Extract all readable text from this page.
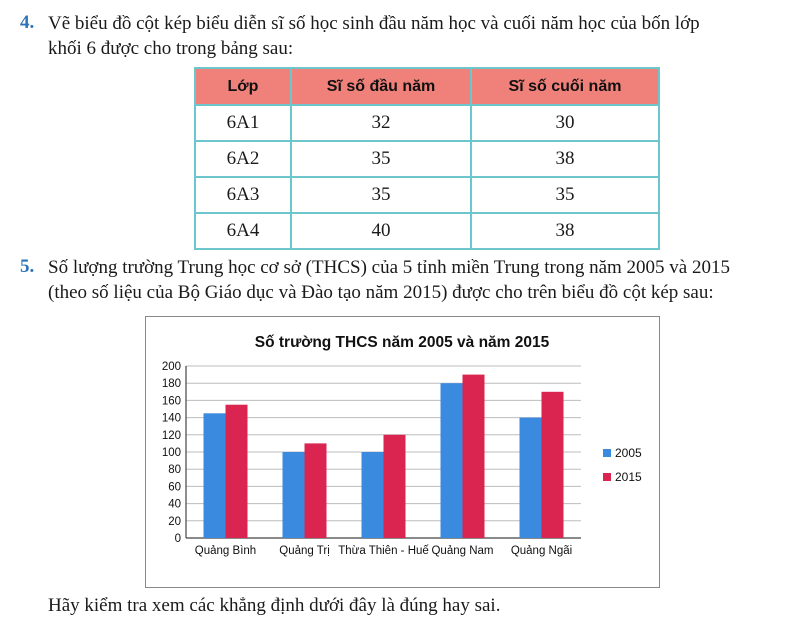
4. Vẽ biểu đồ cột kép biểu diễn sĩ số học sinh đầu năm học và cuối năm học của bốn lớp
khối 6 được cho trong bảng sau:
Lớp	Sĩ số đầu năm	Sĩ số cuối năm
6A1	32	30
6A2	35	38
6A3	35	35
6A4	40	38
5. Số lượng trường Trung học cơ sở (THCS) của 5 tỉnh miền Trung trong năm 2005 và 2015
(theo số liệu của Bộ Giáo dục và Đào tạo năm 2015) được cho trên biểu đồ cột kép sau:
Số trường THCS năm 2005 và năm 2015
0
20
40
60
80
100
120
140
160
180
200
Quảng Bình Quảng Trị Thừa Thiên - Huế Quảng Nam Quảng Ngãi
2005
2015
Hãy kiểm tra xem các khẳng định dưới đây là đúng hay sai.
